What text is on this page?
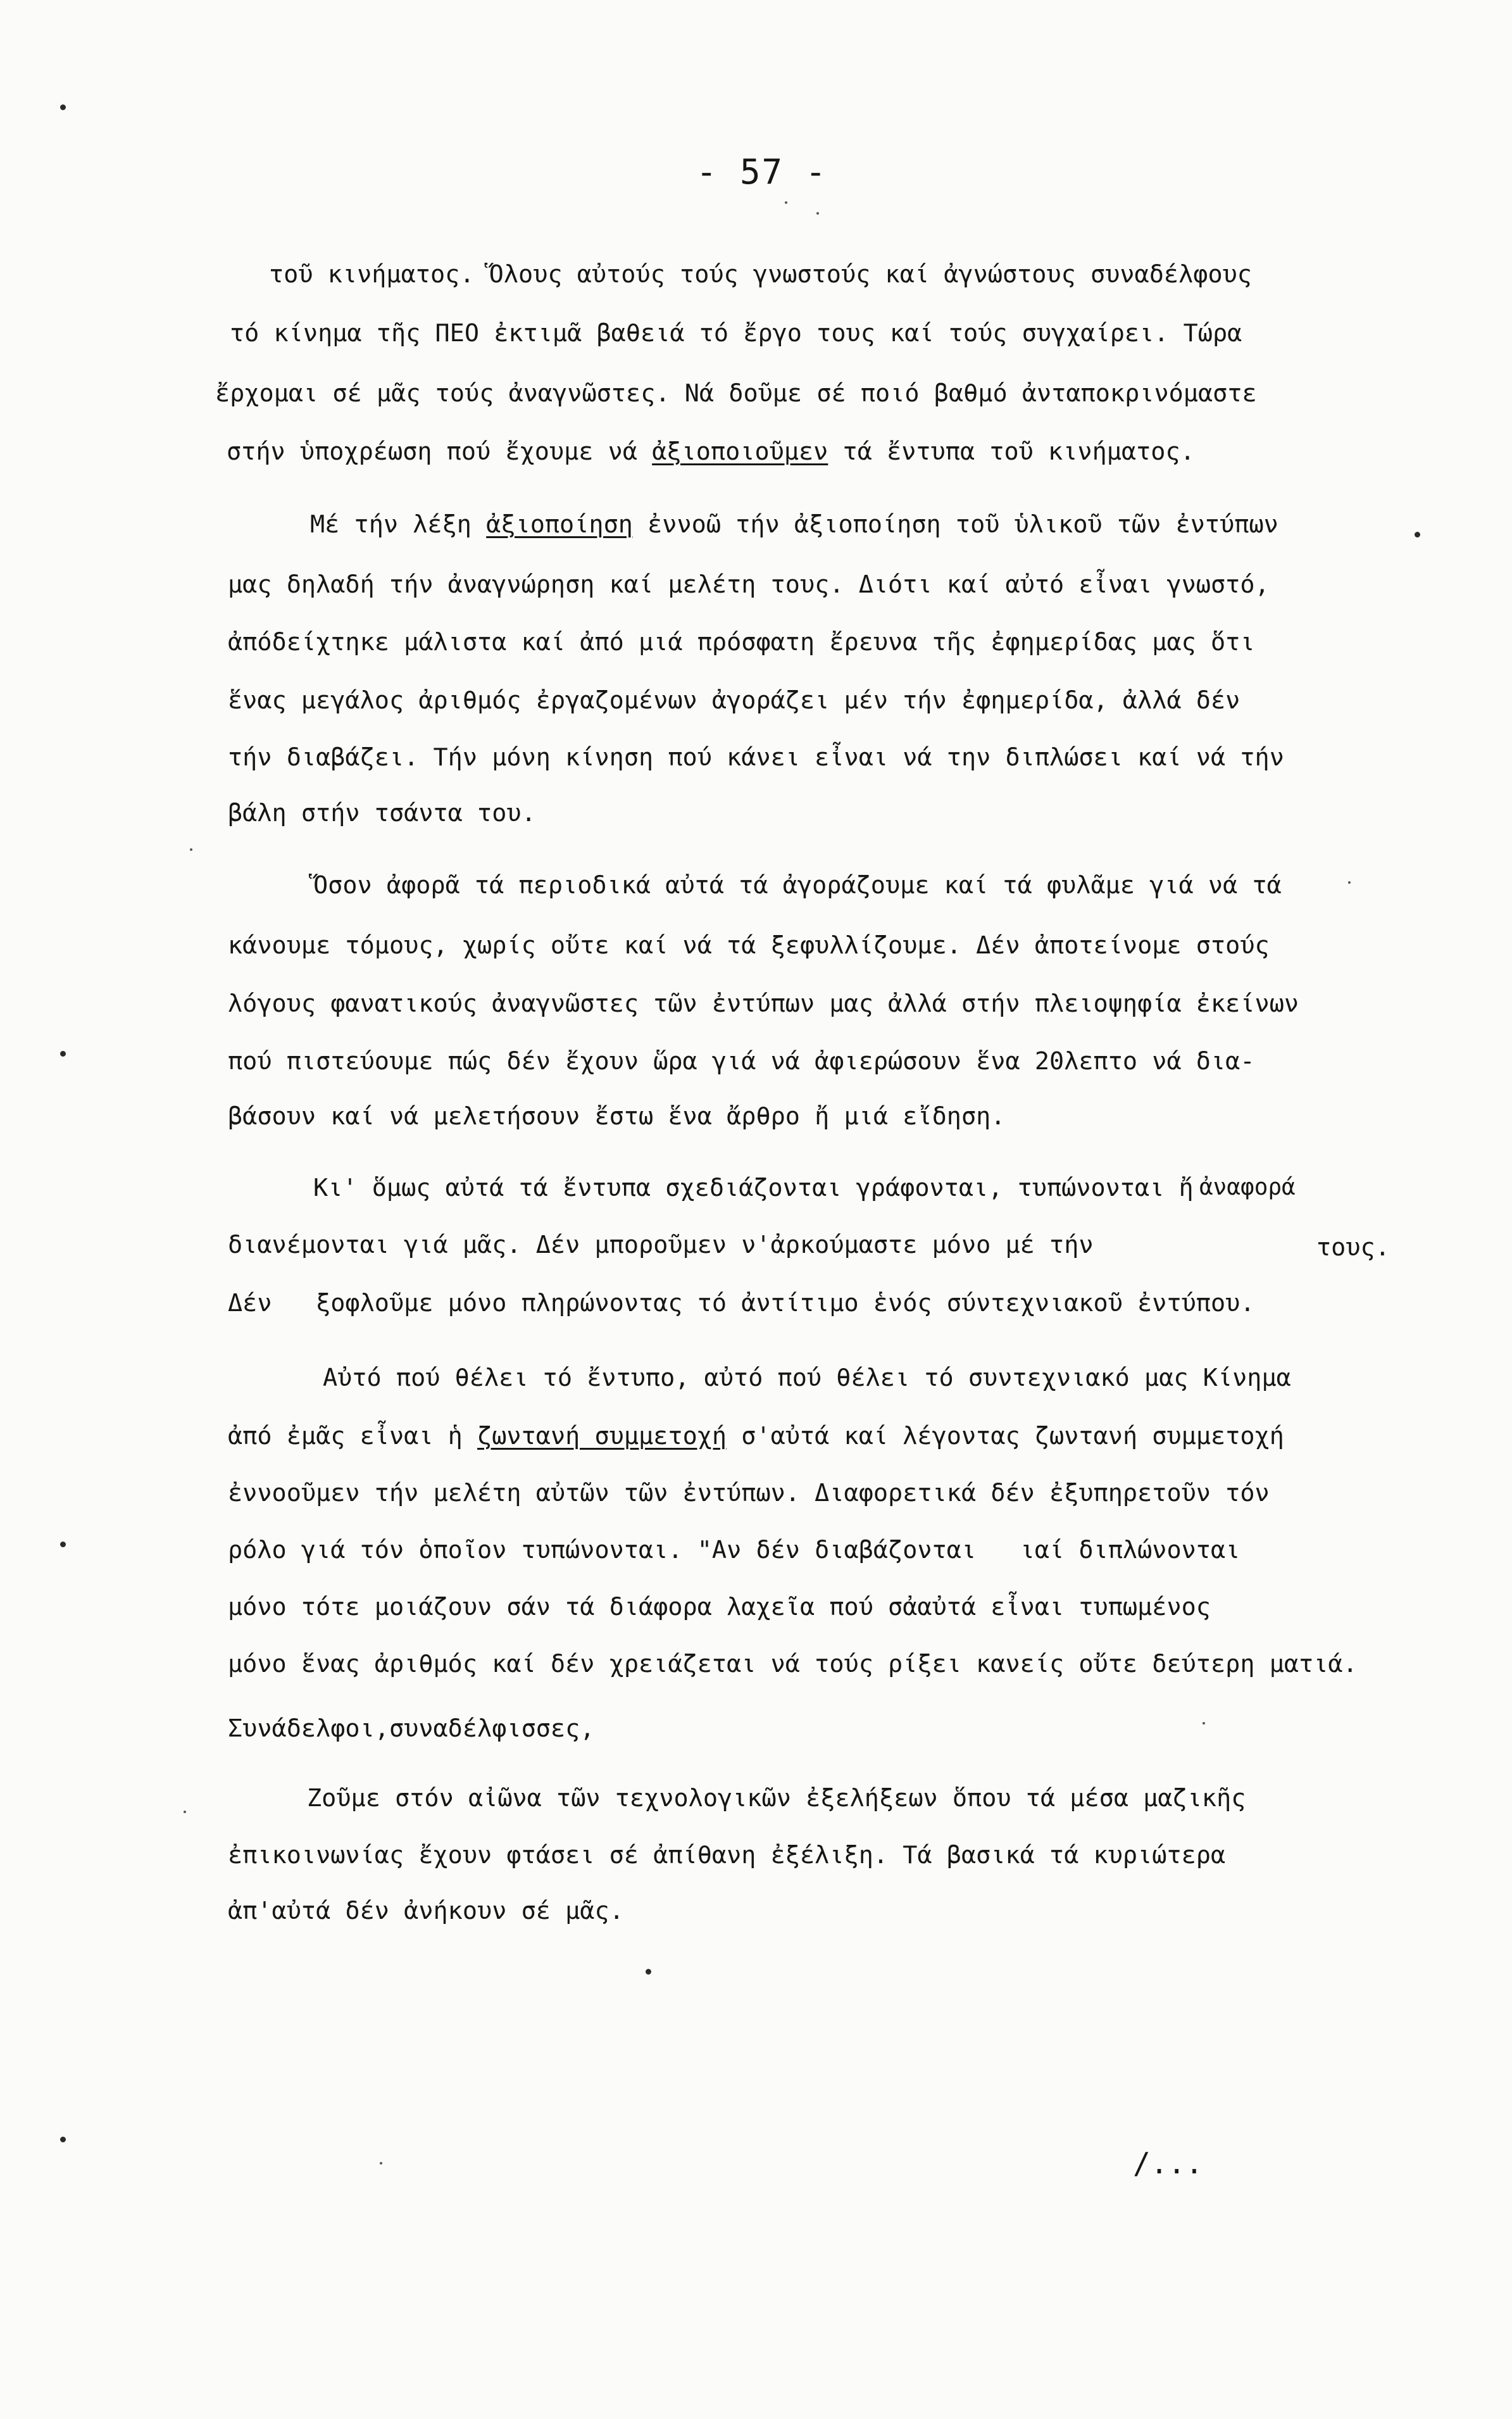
- 57 -
τοῦ κινήματος. Ὅλους αὐτούς τούς γνωστούς καί ἀγνώστους συναδέλφους
τό κίνημα τῆς ΠΕΟ ἐκτιμᾶ βαθειά τό ἔργο τους καί τούς συγχαίρει. Τώρα
ἔρχομαι σέ μᾶς τούς ἀναγνῶστες. Νά δοῦμε σέ ποιό βαθμό ἀνταποκρινόμαστε
στήν ὑποχρέωση πού ἔχουμε νά ἀξιοποιοῦμεν τά ἔντυπα τοῦ κινήματος.
Μέ τήν λέξη ἀξιοποίηση ἐννοῶ τήν ἀξιοποίηση τοῦ ὑλικοῦ τῶν ἐντύπων
μας δηλαδή τήν ἀναγνώρηση καί μελέτη τους. Διότι καί αὐτό εἶναι γνωστό,
ἀπόδείχτηκε μάλιστα καί ἀπό μιά πρόσφατη ἔρευνα τῆς ἐφημερίδας μας ὅτι
ἕνας μεγάλος ἀριθμός ἐργαζομένων ἀγοράζει μέν τήν ἐφημερίδα, ἀλλά δέν
τήν διαβάζει. Τήν μόνη κίνηση πού κάνει εἶναι νά την διπλώσει καί νά τήν
βάλη στήν τσάντα του.
Ὅσον ἀφορᾶ τά περιοδικά αὐτά τά ἀγοράζουμε καί τά φυλᾶμε γιά νά τά
κάνουμε τόμους, χωρίς οὔτε καί νά τά ξεφυλλίζουμε. Δέν ἀποτείνομε στούς
λόγους φανατικούς ἀναγνῶστες τῶν ἐντύπων μας ἀλλά στήν πλειοψηφία ἐκείνων
πού πιστεύουμε πώς δέν ἔχουν ὥρα γιά νά ἀφιερώσουν ἕνα 20λεπτο νά δια-
βάσουν καί νά μελετήσουν ἔστω ἕνα ἄρθρο ἤ μιά εἴδηση.
Κι' ὅμως αὐτά τά ἔντυπα σχεδιάζονται γράφονται, τυπώνονται ἤ ἀναφορά
διανέμονται γιά μᾶς. Δέν μποροῦμεν ν'ἀρκούμαστε μόνο μέ τήν	τους.
Δέν   ξοφλοῦμε μόνο πληρώνοντας τό ἀντίτιμο ἑνός σύντεχνιακοῦ ἐντύπου.
Αὐτό πού θέλει τό ἔντυπο, αὐτό πού θέλει τό συντεχνιακό μας Κίνημα
ἀπό ἐμᾶς εἶναι ἡ ζωντανή συμμετοχή σ'αὐτά καί λέγοντας ζωντανή συμμετοχή
ἐννοοῦμεν τήν μελέτη αὐτῶν τῶν ἐντύπων. Διαφορετικά δέν ἐξυπηρετοῦν τόν
ρόλο γιά τόν ὁποῖον τυπώνονται. "Αν δέν διαβάζονται   ιαί διπλώνονται
μόνο τότε μοιάζουν σάν τά διάφορα λαχεῖα πού σἀαὐτά εἶναι τυπωμένος
μόνο ἕνας ἀριθμός καί δέν χρειάζεται νά τούς ρίξει κανείς οὔτε δεύτερη ματιά.
Συνάδελφοι,συναδέλφισσες,
Ζοῦμε στόν αἰῶνα τῶν τεχνολογικῶν ἐξελήξεων ὅπου τά μέσα μαζικῆς
ἐπικοινωνίας ἔχουν φτάσει σέ ἀπίθανη ἐξέλιξη. Τά βασικά τά κυριώτερα
ἀπ'αὐτά δέν ἀνήκουν σέ μᾶς.
/...
